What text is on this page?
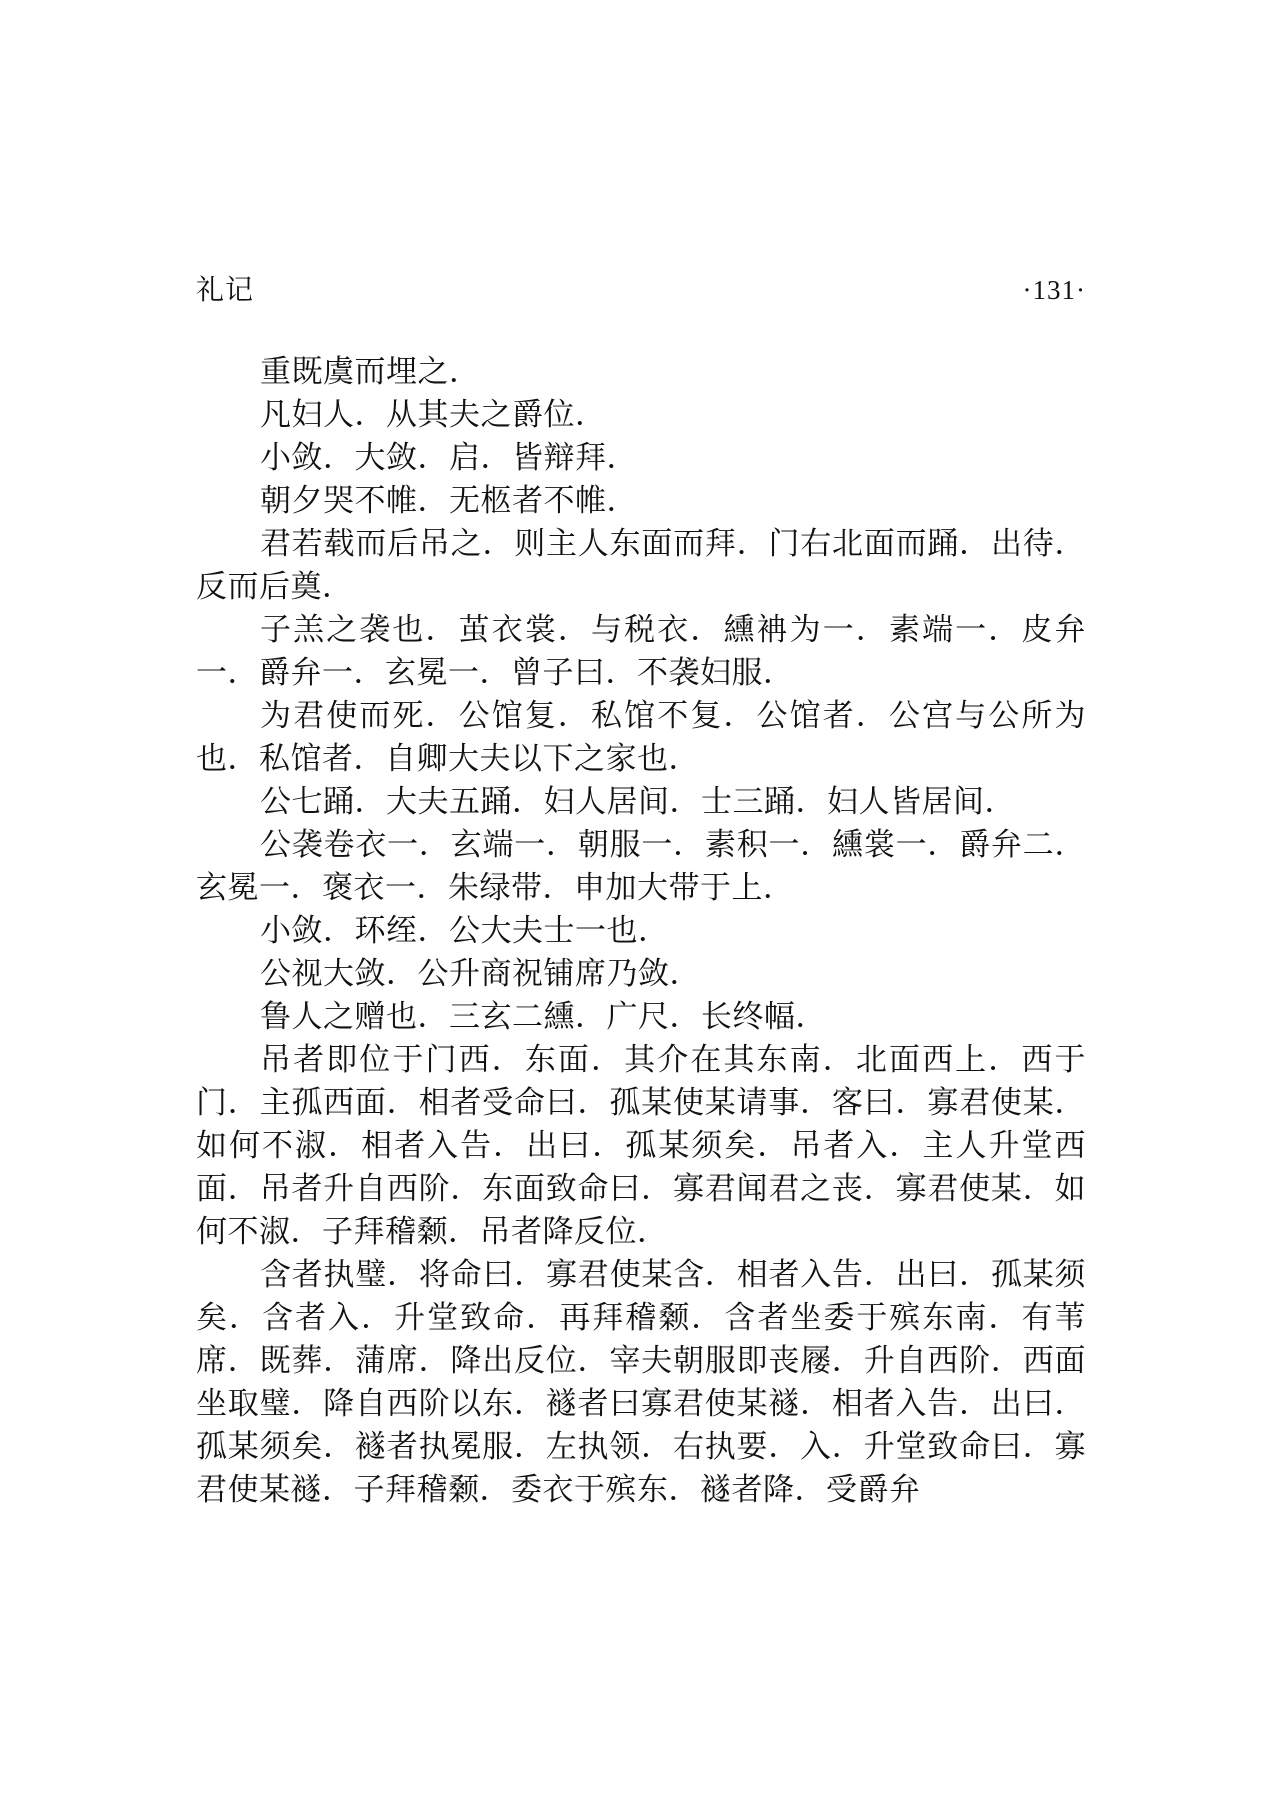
礼记	·131·

重既虞而埋之．

凡妇人．从其夫之爵位．

小敛．大敛．启．皆辩拜．

朝夕哭不帷．无柩者不帷．

君若载而后吊之．则主人东面而拜．门右北面而踊．出待．反而后奠．

子羔之袭也．茧衣裳．与税衣．纁袡为一．素端一．皮弁一．爵弁一．玄冕一．曾子曰．不袭妇服．

为君使而死．公馆复．私馆不复．公馆者．公宫与公所为也．私馆者．自卿大夫以下之家也．

公七踊．大夫五踊．妇人居间．士三踊．妇人皆居间．

公袭卷衣一．玄端一．朝服一．素积一．纁裳一．爵弁二．玄冕一．褒衣一．朱绿带．申加大带于上．

小敛．环绖．公大夫士一也．

公视大敛．公升商祝铺席乃敛．

鲁人之赠也．三玄二纁．广尺．长终幅．

吊者即位于门西．东面．其介在其东南．北面西上．西于门．主孤西面．相者受命曰．孤某使某请事．客曰．寡君使某．如何不淑．相者入告．出曰．孤某须矣．吊者入．主人升堂西面．吊者升自西阶．东面致命曰．寡君闻君之丧．寡君使某．如何不淑．子拜稽颡．吊者降反位．

含者执璧．将命曰．寡君使某含．相者入告．出曰．孤某须矣．含者入．升堂致命．再拜稽颡．含者坐委于殡东南．有苇席．既葬．蒲席．降出反位．宰夫朝服即丧屦．升自西阶．西面坐取璧．降自西阶以东．襚者曰寡君使某襚．相者入告．出曰．孤某须矣．襚者执冕服．左执领．右执要．入．升堂致命曰．寡君使某襚．子拜稽颡．委衣于殡东．襚者降．受爵弁
